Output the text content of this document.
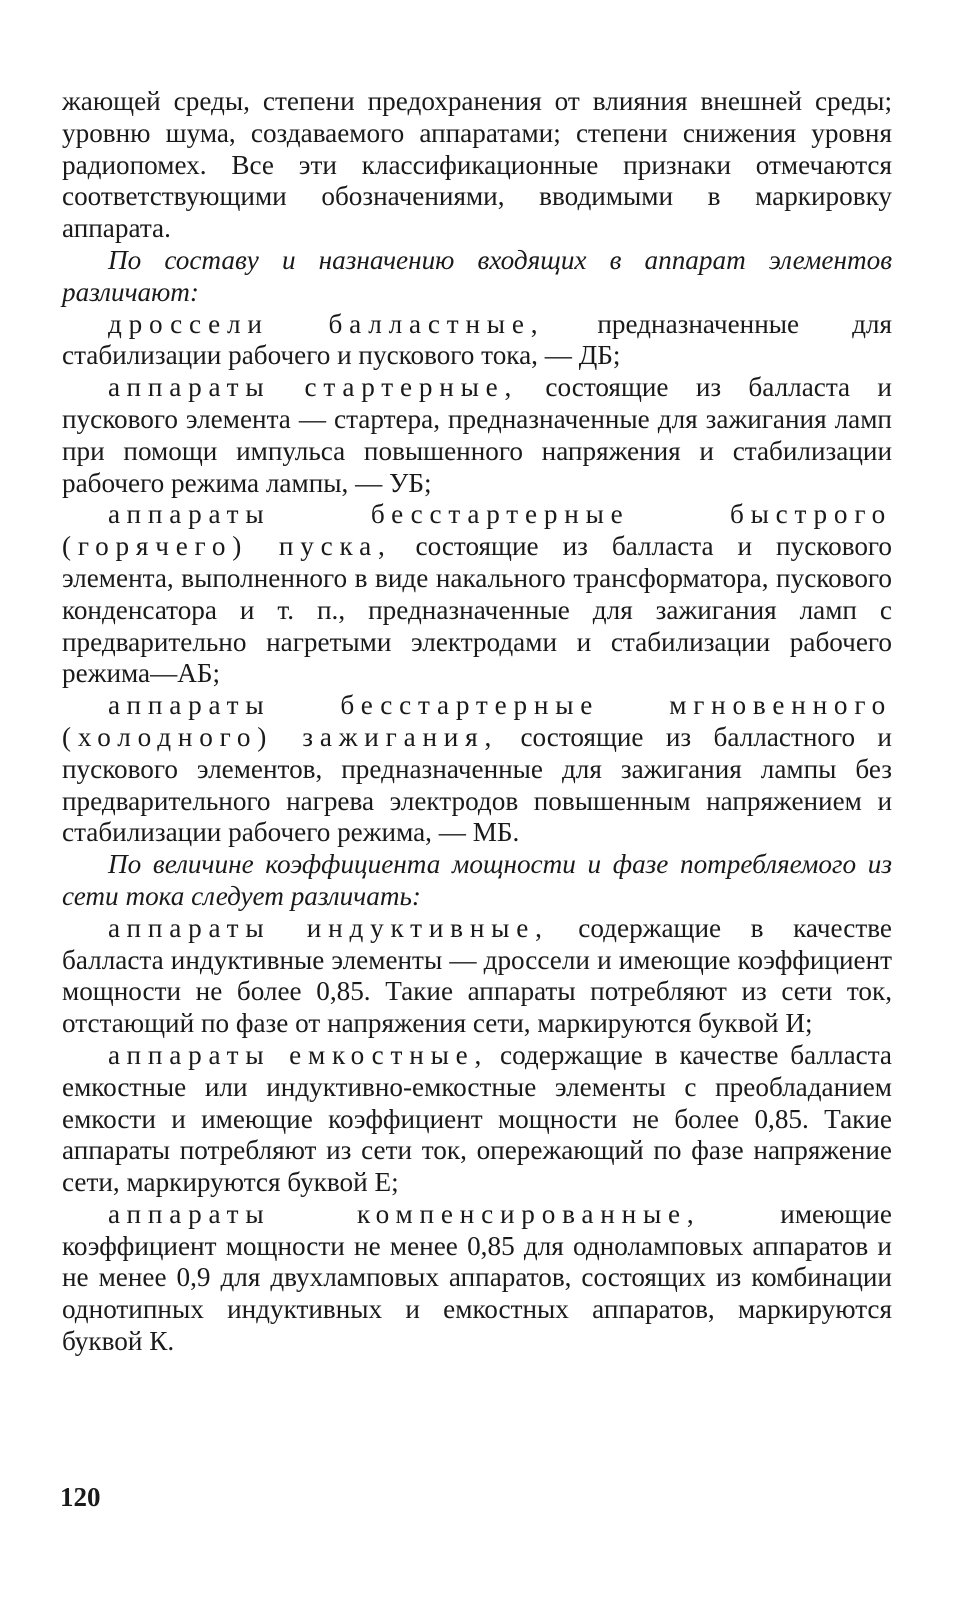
жающей среды, степени предохранения от влияния внешней среды; уровню шума, создаваемого аппаратами; степени снижения уровня радиопомех. Все эти классификационные признаки отмечаются соответствующими обозначениями, вводимыми в маркировку аппарата.

По составу и назначению входящих в аппарат элементов различают:

дроссели балластные, предназначенные для стабилизации рабочего и пускового тока, — ДБ;

аппараты стартерные, состоящие из балласта и пускового элемента — стартера, предназначенные для зажигания ламп при помощи импульса повышенного напряжения и стабилизации рабочего режима лампы, — УБ;

аппараты бесстартерные быстрого (горячего) пуска, состоящие из балласта и пускового элемента, выполненного в виде накального трансформатора, пускового конденсатора и т. п., предназначенные для зажигания ламп с предварительно нагретыми электродами и стабилизации рабочего режима—АБ;

аппараты бесстартерные мгновенного (холодного) зажигания, состоящие из балластного и пускового элементов, предназначенные для зажигания лампы без предварительного нагрева электродов повышенным напряжением и стабилизации рабочего режима, — МБ.

По величине коэффициента мощности и фазе потребляемого из сети тока следует различать:

аппараты индуктивные, содержащие в качестве балласта индуктивные элементы — дроссели и имеющие коэффициент мощности не более 0,85. Такие аппараты потребляют из сети ток, отстающий по фазе от напряжения сети, маркируются буквой И;

аппараты емкостные, содержащие в качестве балласта емкостные или индуктивно-емкостные элементы с преобладанием емкости и имеющие коэффициент мощности не более 0,85. Такие аппараты потребляют из сети ток, опережающий по фазе напряжение сети, маркируются буквой Е;

аппараты компенсированные, имеющие коэффициент мощности не менее 0,85 для одноламповых аппаратов и не менее 0,9 для двухламповых аппаратов, состоящих из комбинации однотипных индуктивных и емкостных аппаратов, маркируются буквой К.

120
